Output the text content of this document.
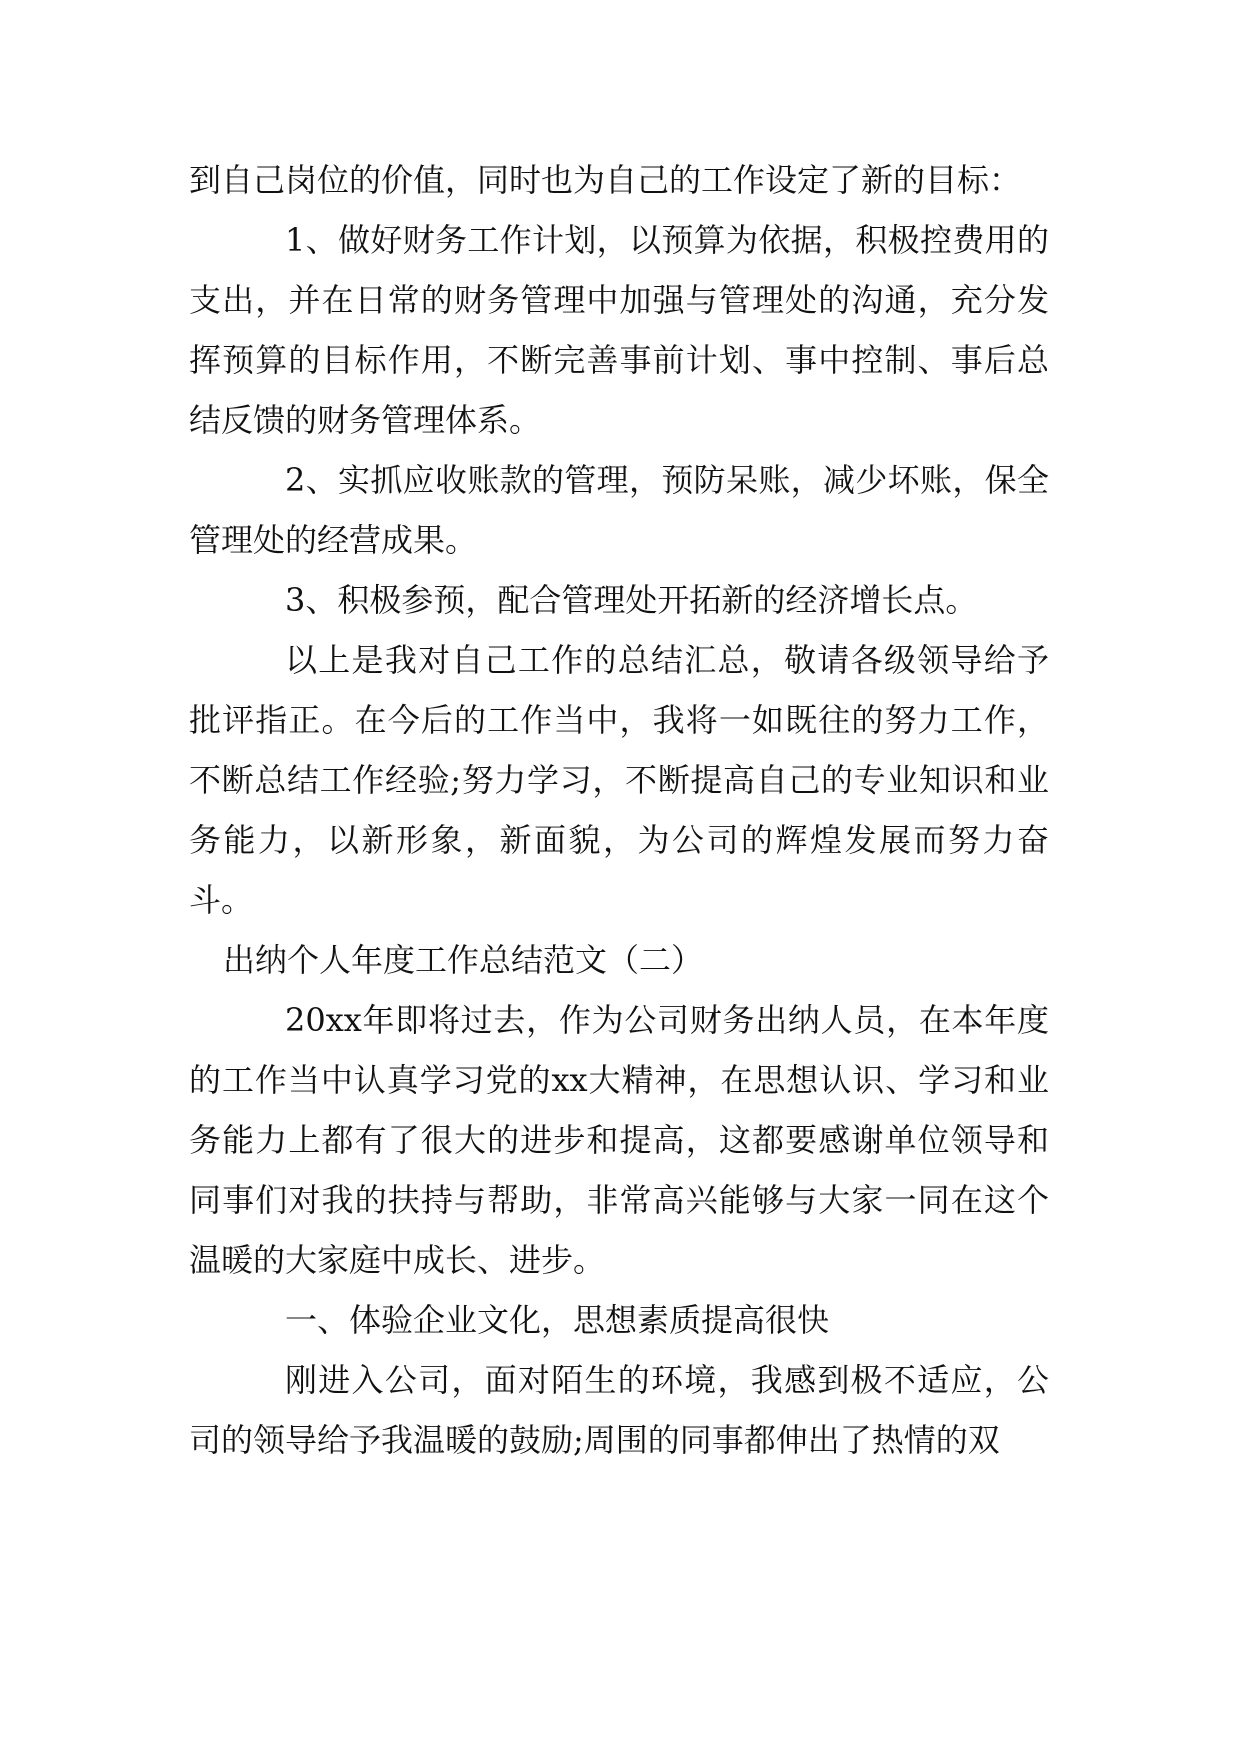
到自己岗位的价值，同时也为自己的工作设定了新的目标：

1、做好财务工作计划，以预算为依据，积极控费用的支出，并在日常的财务管理中加强与管理处的沟通，充分发挥预算的目标作用，不断完善事前计划、事中控制、事后总结反馈的财务管理体系。

2、实抓应收账款的管理，预防呆账，减少坏账，保全管理处的经营成果。

3、积极参预，配合管理处开拓新的经济增长点。

以上是我对自己工作的总结汇总，敬请各级领导给予批评指正。在今后的工作当中，我将一如既往的努力工作，不断总结工作经验;努力学习，不断提高自己的专业知识和业务能力，以新形象，新面貌，为公司的辉煌发展而努力奋斗。

出纳个人年度工作总结范文（二）

20xx年即将过去，作为公司财务出纳人员，在本年度的工作当中认真学习党的xx大精神，在思想认识、学习和业务能力上都有了很大的进步和提高，这都要感谢单位领导和同事们对我的扶持与帮助，非常高兴能够与大家一同在这个温暖的大家庭中成长、进步。

一、体验企业文化，思想素质提高很快

刚进入公司，面对陌生的环境，我感到极不适应，公司的领导给予我温暖的鼓励;周围的同事都伸出了热情的双
